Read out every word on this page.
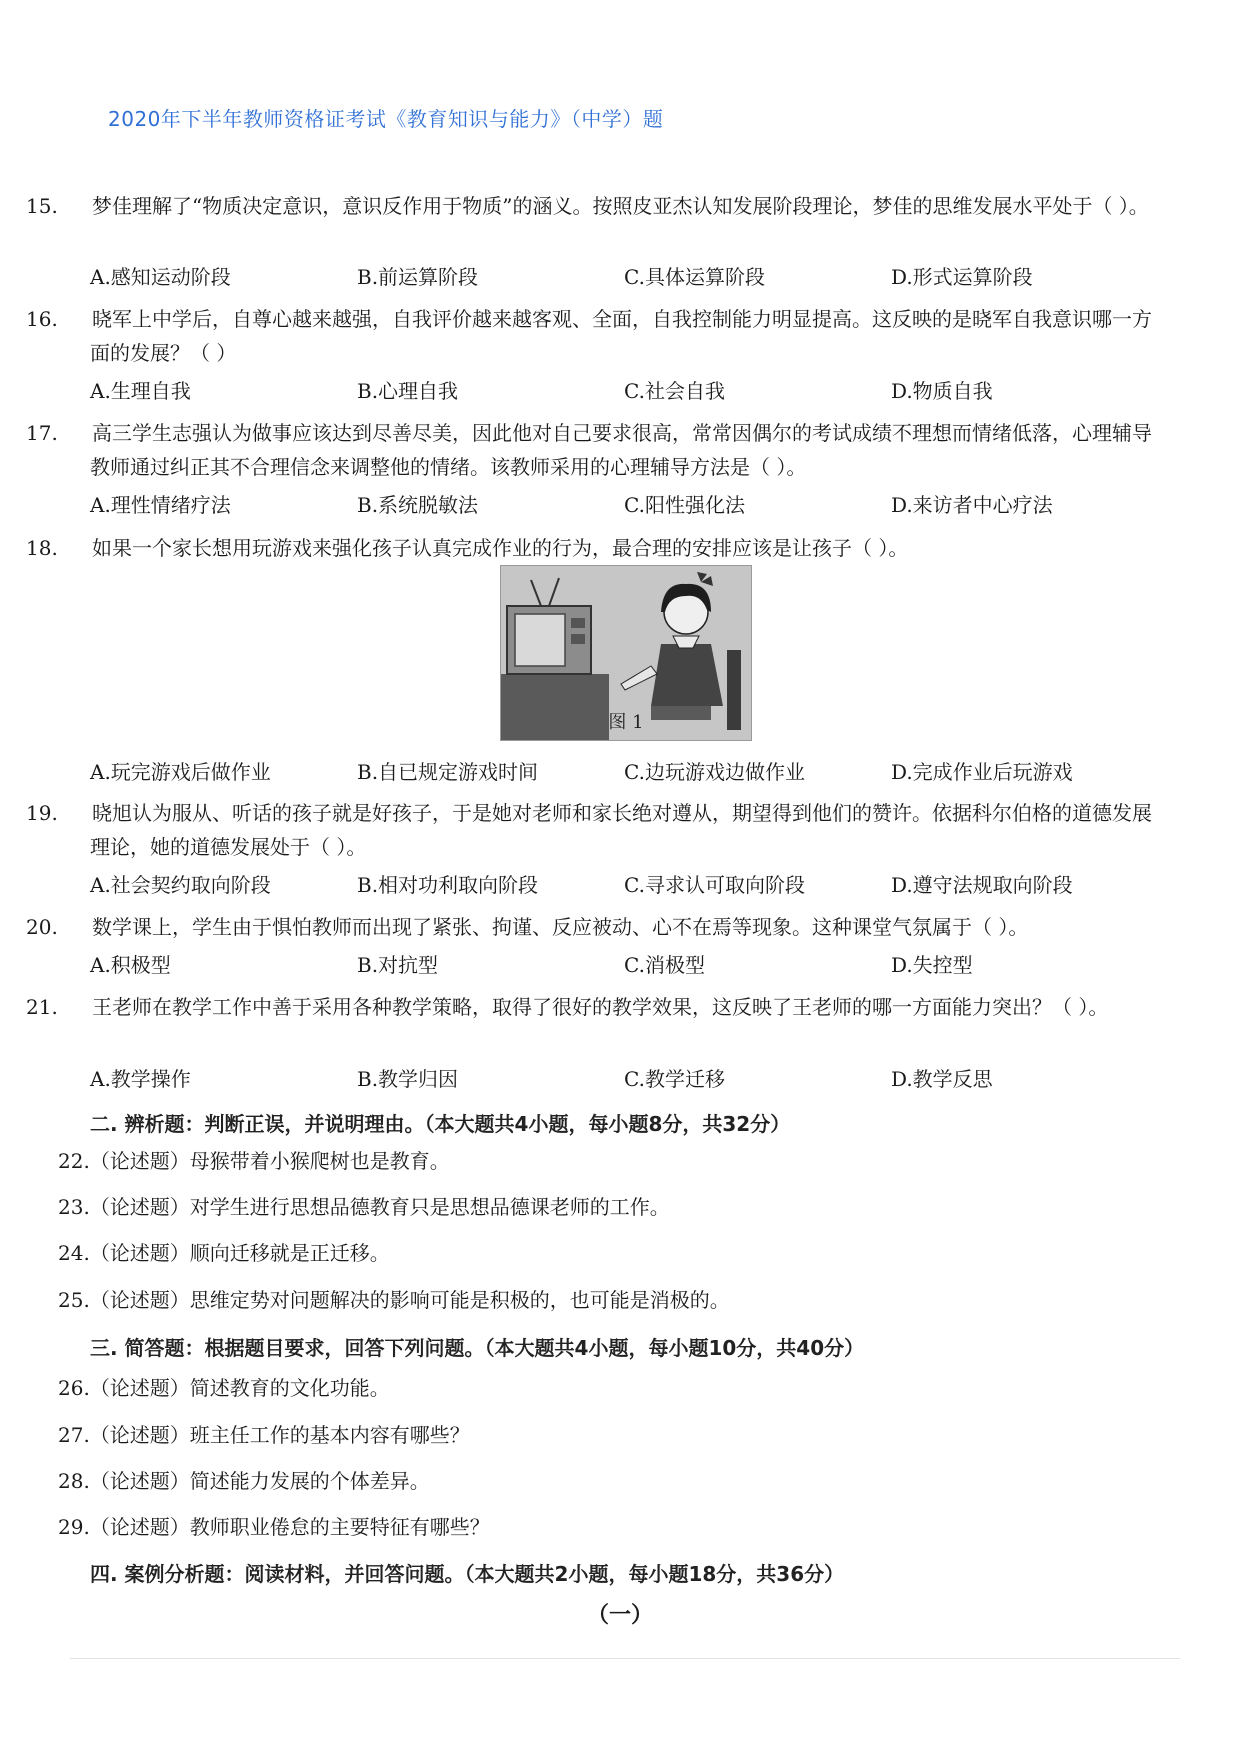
2020年下半年教师资格证考试《教育知识与能力》（中学）题
15. 梦佳理解了“物质决定意识，意识反作用于物质”的涵义。按照皮亚杰认知发展阶段理论，梦佳的思维发展水平处于（ ）。
A.感知运动阶段	B.前运算阶段	C.具体运算阶段	D.形式运算阶段
16. 晓军上中学后，自尊心越来越强，自我评价越来越客观、全面，自我控制能力明显提高。这反映的是晓军自我意识哪一方面的发展？（ ）
A.生理自我	B.心理自我	C.社会自我	D.物质自我
17. 高三学生志强认为做事应该达到尽善尽美，因此他对自己要求很高，常常因偶尔的考试成绩不理想而情绪低落，心理辅导教师通过纠正其不合理信念来调整他的情绪。该教师采用的心理辅导方法是（ ）。
A.理性情绪疗法	B.系统脱敏法	C.阳性强化法	D.来访者中心疗法
18. 如果一个家长想用玩游戏来强化孩子认真完成作业的行为，最合理的安排应该是让孩子（ ）。
图 1
A.玩完游戏后做作业	B.自已规定游戏时间	C.边玩游戏边做作业	D.完成作业后玩游戏
19. 晓旭认为服从、听话的孩子就是好孩子，于是她对老师和家长绝对遵从，期望得到他们的赞许。依据科尔伯格的道德发展理论，她的道德发展处于（ ）。
A.社会契约取向阶段	B.相对功利取向阶段	C.寻求认可取向阶段	D.遵守法规取向阶段
20. 数学课上，学生由于惧怕教师而出现了紧张、拘谨、反应被动、心不在焉等现象。这种课堂气氛属于（ ）。
A.积极型	B.对抗型	C.消极型	D.失控型
21. 王老师在教学工作中善于采用各种教学策略，取得了很好的教学效果，这反映了王老师的哪一方面能力突出？（ ）。
A.教学操作	B.教学归因	C.教学迁移	D.教学反思
二. 辨析题：判断正误，并说明理由。（本大题共4小题，每小题8分，共32分）
22.（论述题）母猴带着小猴爬树也是教育。
23.（论述题）对学生进行思想品德教育只是思想品德课老师的工作。
24.（论述题）顺向迁移就是正迁移。
25.（论述题）思维定势对问题解决的影响可能是积极的，也可能是消极的。
三. 简答题：根据题目要求，回答下列问题。（本大题共4小题，每小题10分，共40分）
26.（论述题）简述教育的文化功能。
27.（论述题）班主任工作的基本内容有哪些？
28.（论述题）简述能力发展的个体差异。
29.（论述题）教师职业倦怠的主要特征有哪些？
四. 案例分析题：阅读材料，并回答问题。（本大题共2小题，每小题18分，共36分）
（一）
